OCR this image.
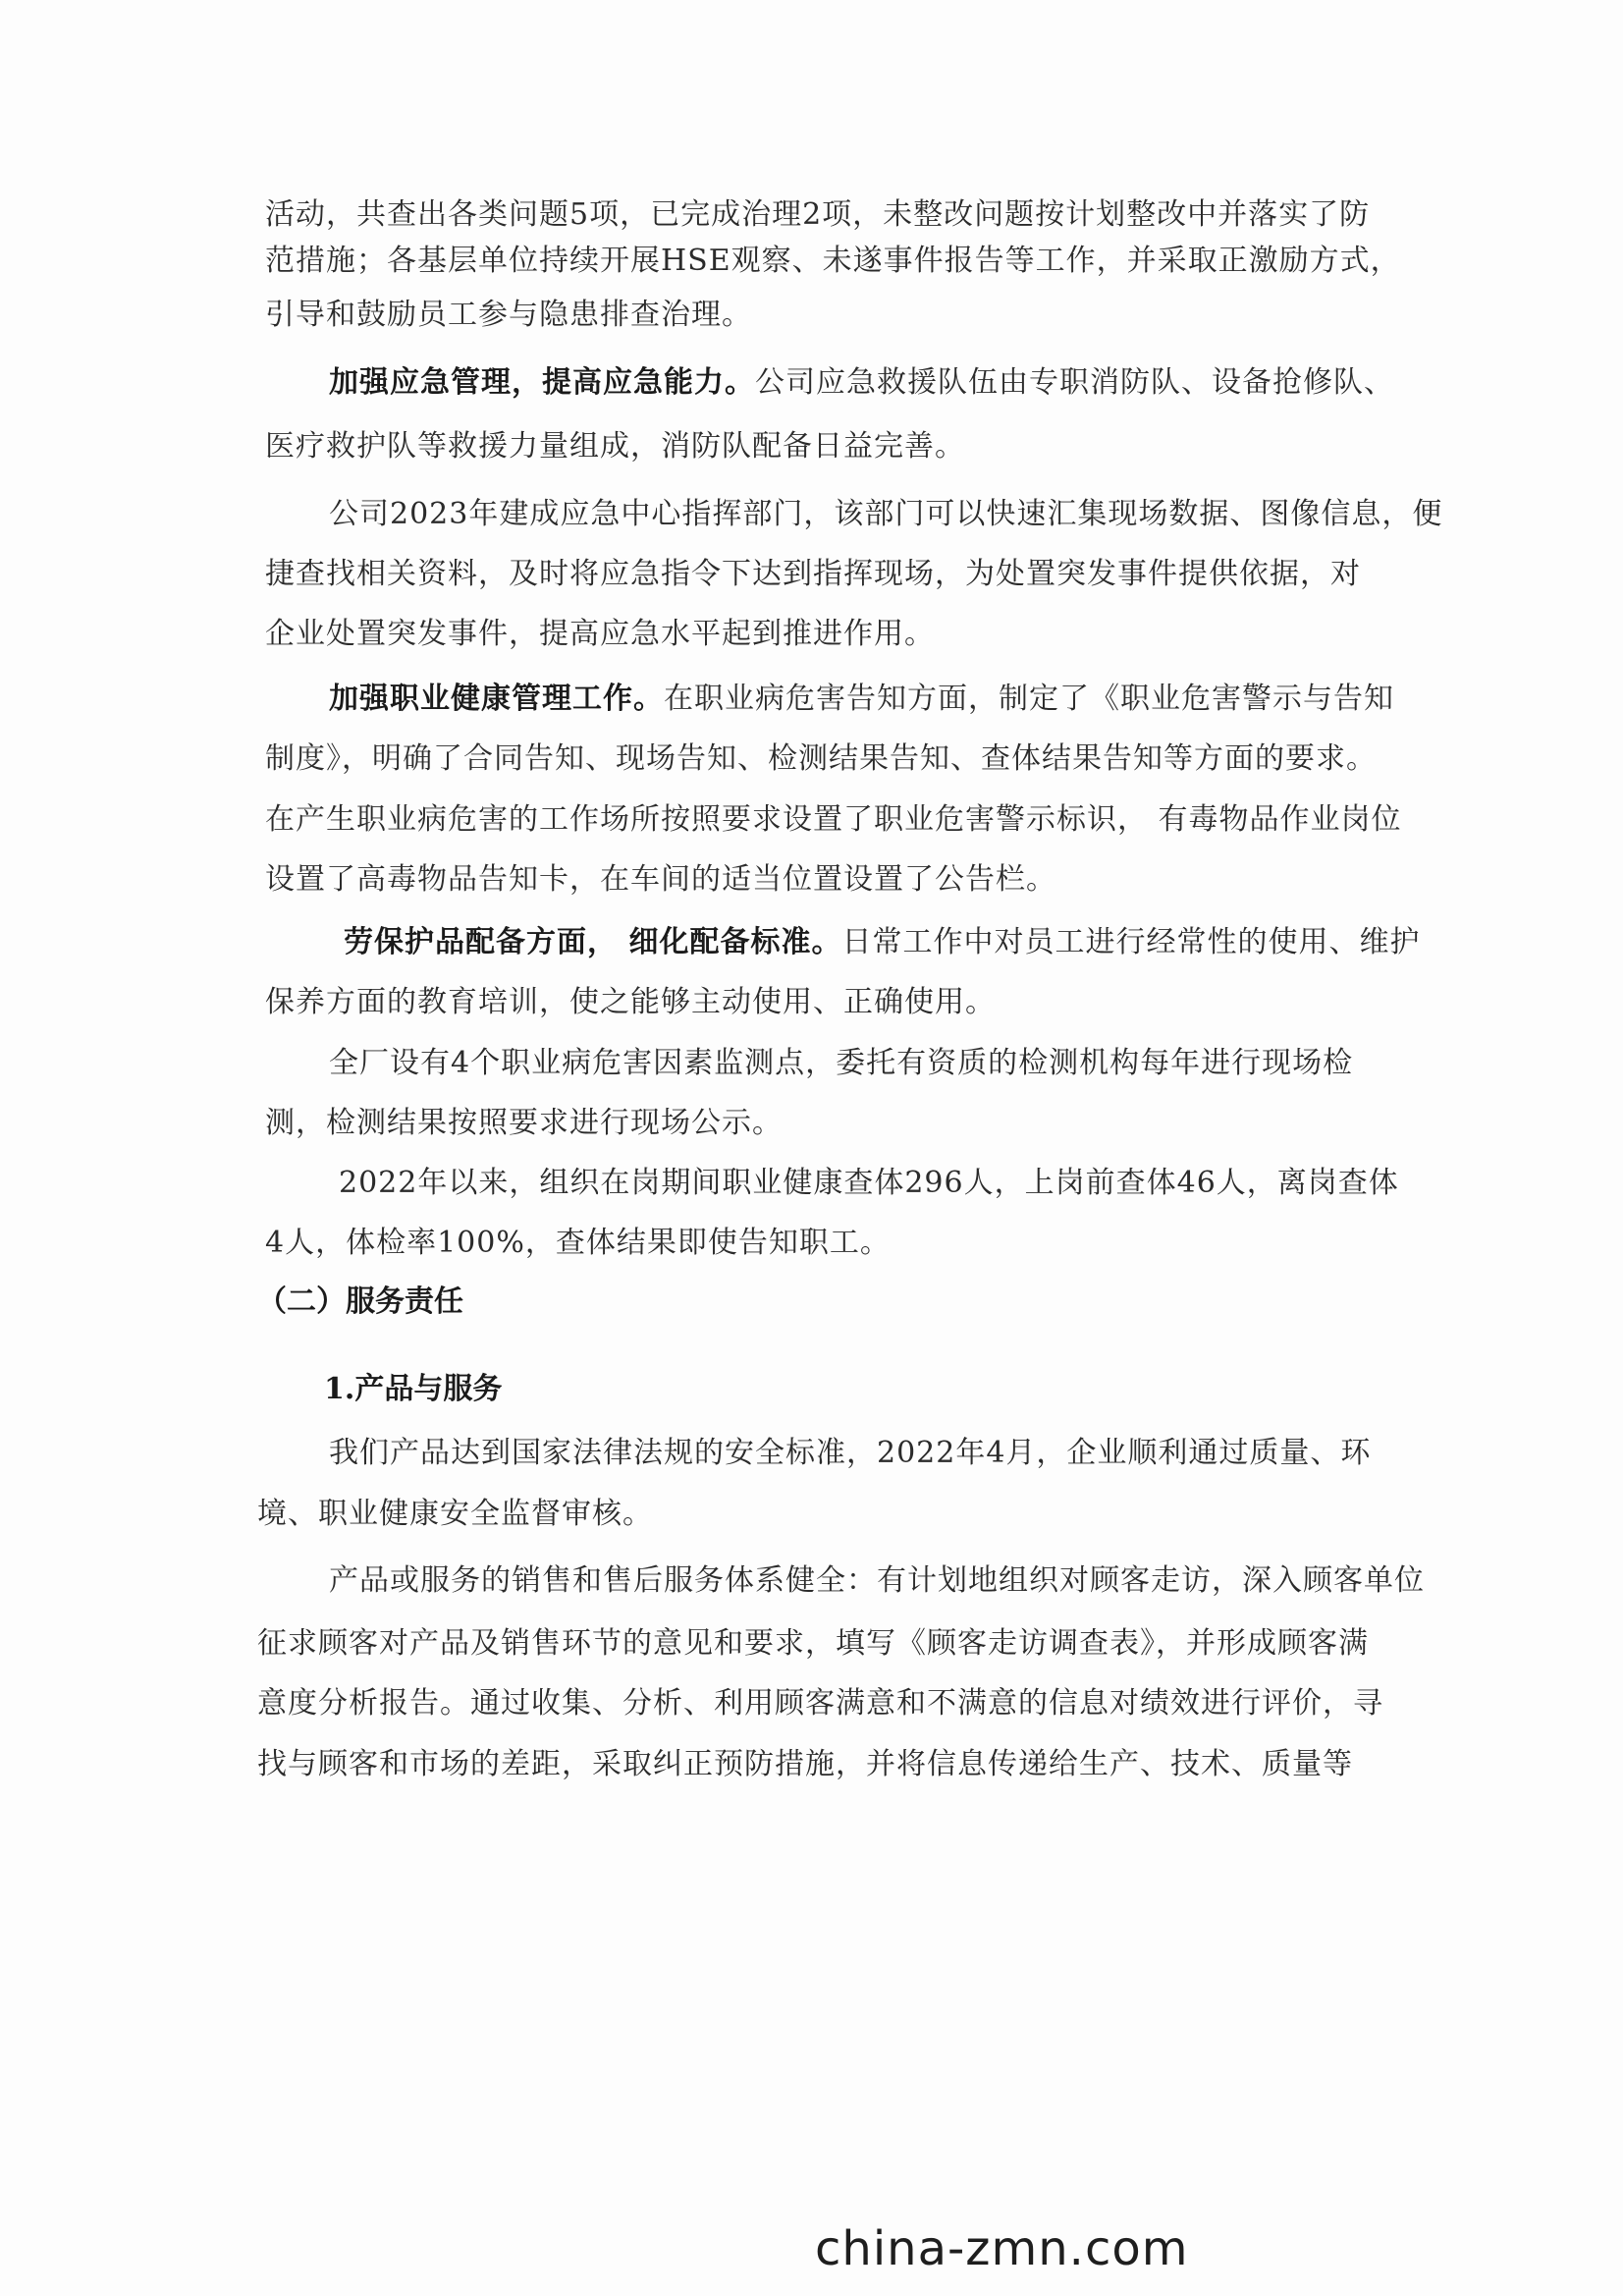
活动，共查出各类问题5项，已完成治理2项，未整改问题按计划整改中并落实了防
范措施；各基层单位持续开展HSE观察、未遂事件报告等工作，并采取正激励方式，
引导和鼓励员工参与隐患排查治理。
加强应急管理，提高应急能力。公司应急救援队伍由专职消防队、设备抢修队、
医疗救护队等救援力量组成，消防队配备日益完善。
公司2023年建成应急中心指挥部门，该部门可以快速汇集现场数据、图像信息，便
捷查找相关资料，及时将应急指令下达到指挥现场，为处置突发事件提供依据，对
企业处置突发事件，提高应急水平起到推进作用。
加强职业健康管理工作。在职业病危害告知方面，制定了《职业危害警示与告知
制度》，明确了合同告知、现场告知、检测结果告知、查体结果告知等方面的要求。
在产生职业病危害的工作场所按照要求设置了职业危害警示标识， 有毒物品作业岗位
设置了高毒物品告知卡，在车间的适当位置设置了公告栏。
劳保护品配备方面， 细化配备标准。日常工作中对员工进行经常性的使用、维护
保养方面的教育培训，使之能够主动使用、正确使用。
全厂设有4个职业病危害因素监测点，委托有资质的检测机构每年进行现场检
测，检测结果按照要求进行现场公示。
2022年以来，组织在岗期间职业健康查体296人，上岗前查体46人，离岗查体
4人，体检率100%，查体结果即使告知职工。
（二）服务责任
1.产品与服务
我们产品达到国家法律法规的安全标准，2022年4月，企业顺利通过质量、环
境、职业健康安全监督审核。
产品或服务的销售和售后服务体系健全：有计划地组织对顾客走访，深入顾客单位
征求顾客对产品及销售环节的意见和要求，填写《顾客走访调查表》，并形成顾客满
意度分析报告。通过收集、分析、利用顾客满意和不满意的信息对绩效进行评价，寻
找与顾客和市场的差距，采取纠正预防措施，并将信息传递给生产、技术、质量等
china-zmn.com
